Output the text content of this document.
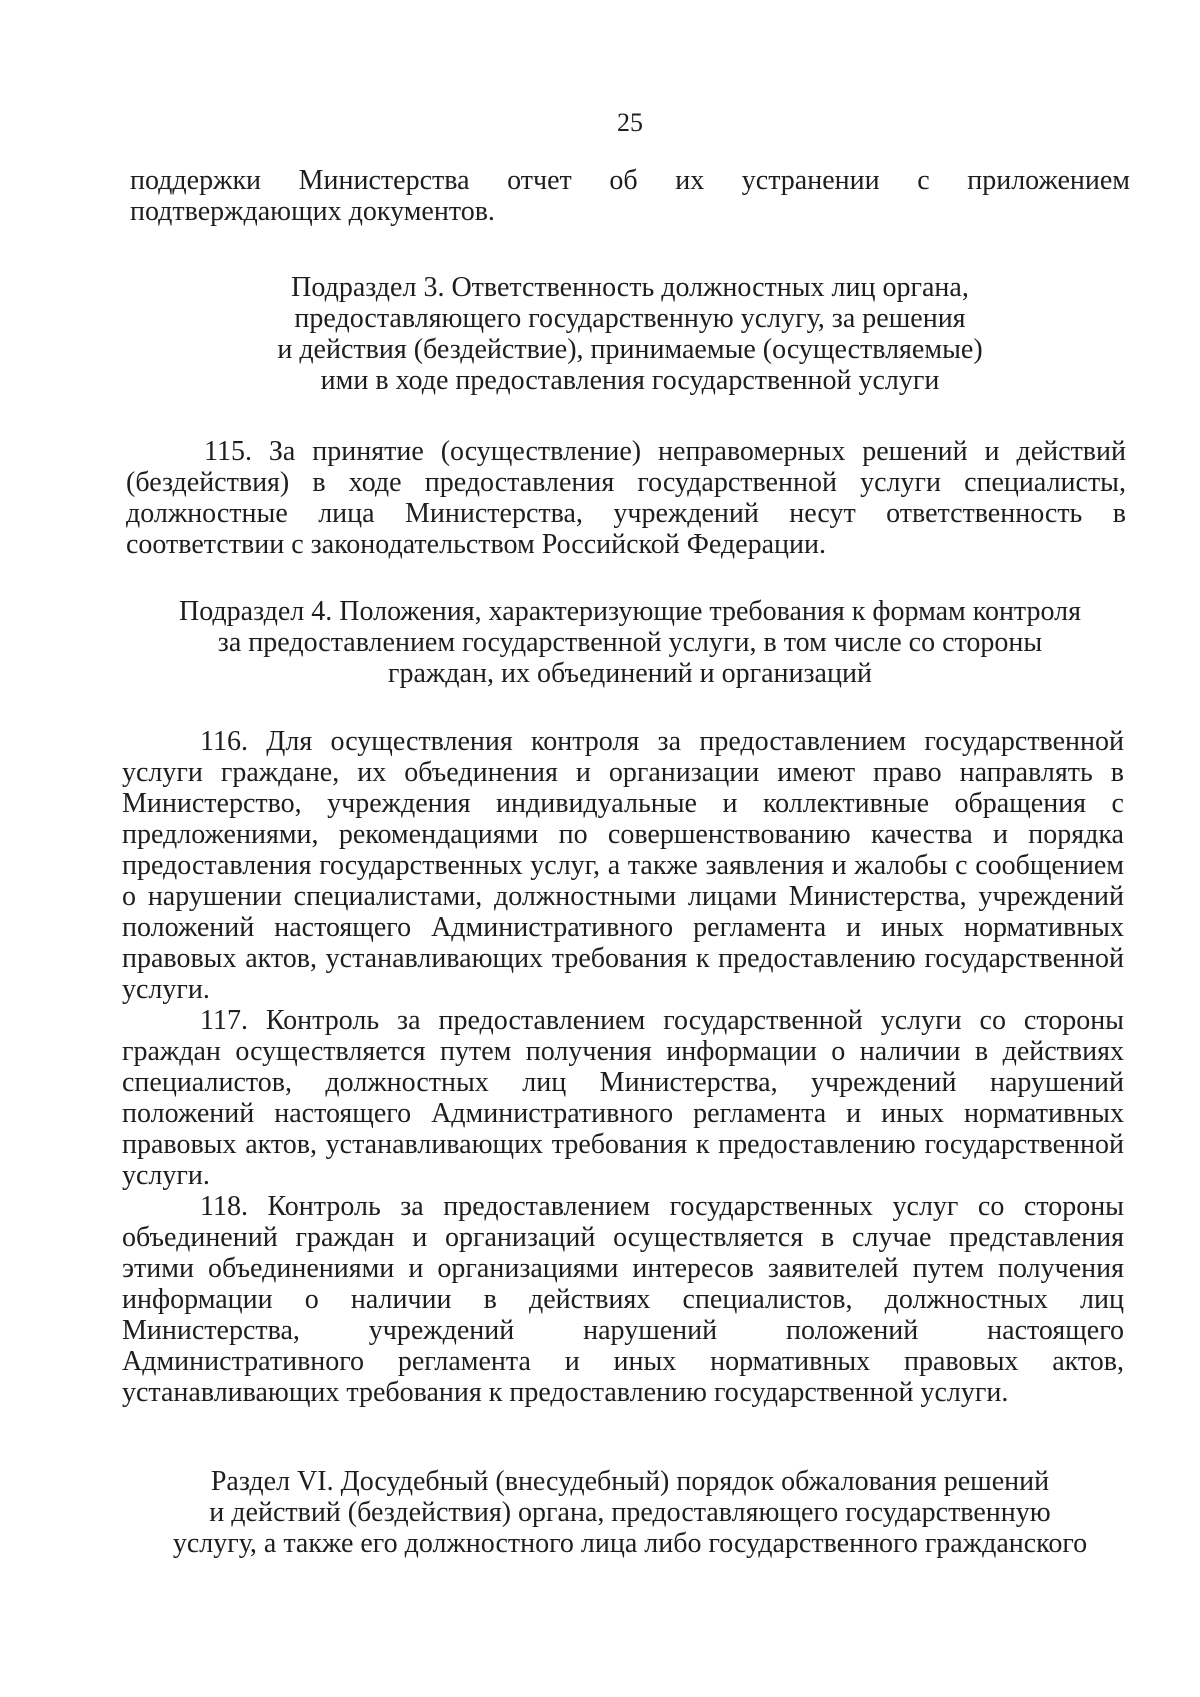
25
поддержки Министерства отчет об их устранении с приложением подтверждающих документов.
Подраздел 3. Ответственность должностных лиц органа,
предоставляющего государственную услугу, за решения
и действия (бездействие), принимаемые (осуществляемые)
ими в ходе предоставления государственной услуги
115. За принятие (осуществление) неправомерных решений и действий (бездействия) в ходе предоставления государственной услуги специалисты, должностные лица Министерства, учреждений несут ответственность в соответствии с законодательством Российской Федерации.
Подраздел 4. Положения, характеризующие требования к формам контроля
за предоставлением государственной услуги, в том числе со стороны
граждан, их объединений и организаций

116. Для осуществления контроля за предоставлением государственной услуги граждане, их объединения и организации имеют право направлять в Министерство, учреждения индивидуальные и коллективные обращения с предложениями, рекомендациями по совершенствованию качества и порядка предоставления государственных услуг, а также заявления и жалобы с сообщением о нарушении специалистами, должностными лицами Министерства, учреждений положений настоящего Административного регламента и иных нормативных правовых актов, устанавливающих требования к предоставлению государственной услуги.

117. Контроль за предоставлением государственной услуги со стороны граждан осуществляется путем получения информации о наличии в действиях специалистов, должностных лиц Министерства, учреждений нарушений положений настоящего Административного регламента и иных нормативных правовых актов, устанавливающих требования к предоставлению государственной услуги.

118. Контроль за предоставлением государственных услуг со стороны объединений граждан и организаций осуществляется в случае представления этими объединениями и организациями интересов заявителей путем получения информации о наличии в действиях специалистов, должностных лиц Министерства, учреждений нарушений положений настоящего Административного регламента и иных нормативных правовых актов, устанавливающих требования к предоставлению государственной услуги.

Раздел VI. Досудебный (внесудебный) порядок обжалования решений
и действий (бездействия) органа, предоставляющего государственную
услугу, а также его должностного лица либо государственного гражданского
